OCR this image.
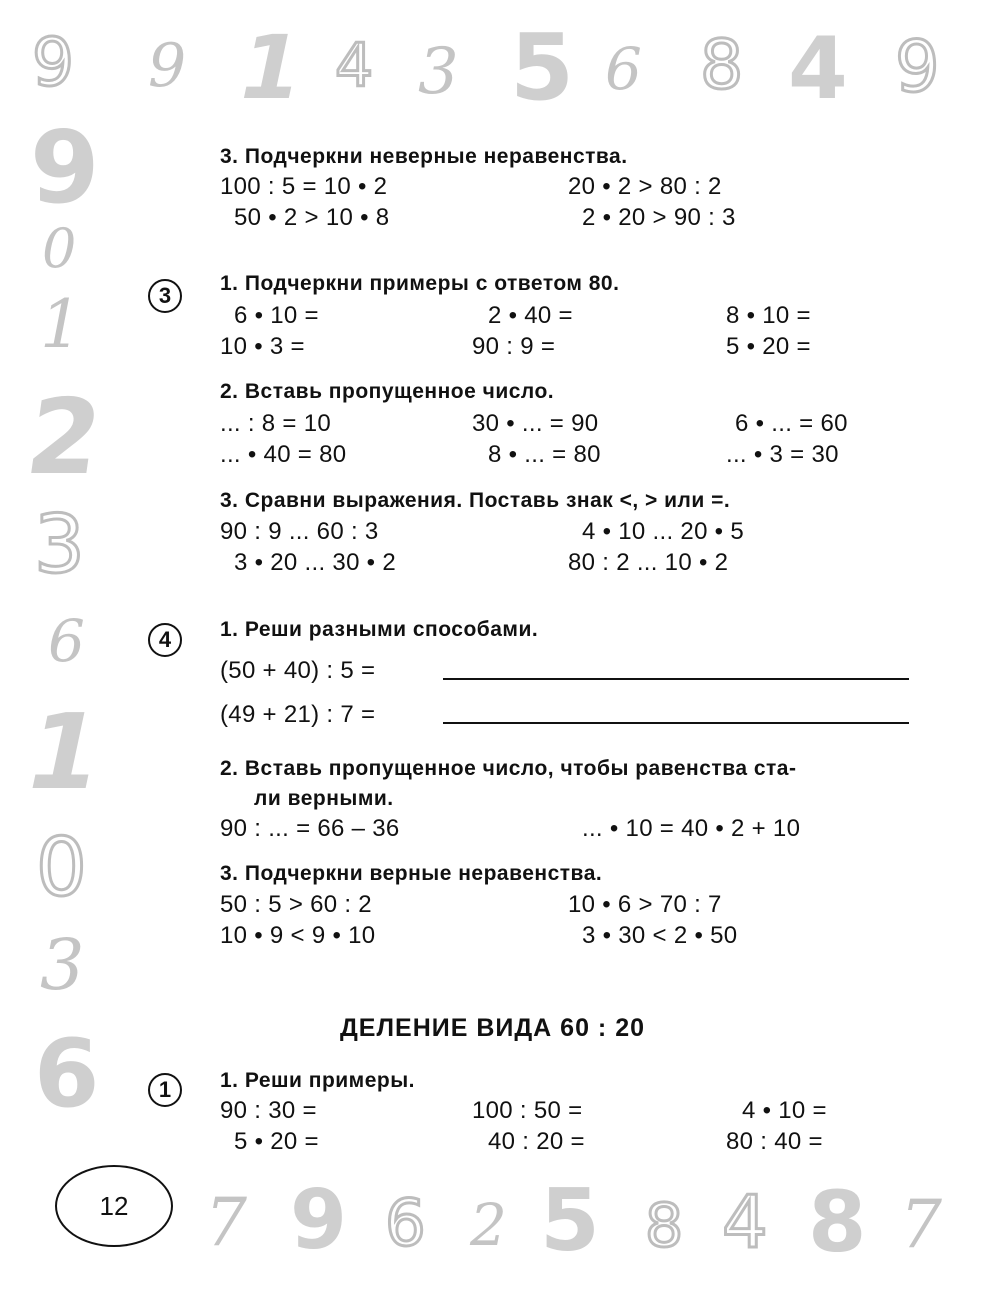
9 9 1 4 3 5 6 8 4 9
9
0
1
2
3
6
1
0
3
6
7 9 6 2 5 8 4 8 7
3. Подчеркни неверные неравенства.
100 : 5 = 10 • 2	20 • 2 > 80 : 2
50 • 2 > 10 • 8	2 • 20 > 90 : 3
3	1. Подчеркни примеры с ответом 80.
6 • 10 =	2 • 40 =	8 • 10 =
10 • 3 =	90 : 9 =	5 • 20 =
2. Вставь пропущенное число.
... : 8 = 10	30 • ... = 90	6 • ... = 60
... • 40 = 80	8 • ... = 80	... • 3 = 30
3. Сравни выражения. Поставь знак <, > или =.
90 : 9 ... 60 : 3	4 • 10 ... 20 • 5
3 • 20 ... 30 • 2	80 : 2 ... 10 • 2
4	1. Реши разными способами.
(50 + 40) : 5 =
(49 + 21) : 7 =
2. Вставь пропущенное число, чтобы равенства ста-
ли верными.
90 : ... = 66 – 36	... • 10 = 40 • 2 + 10
3. Подчеркни верные неравенства.
50 : 5 > 60 : 2	10 • 6 > 70 : 7
10 • 9 < 9 • 10	3 • 30 < 2 • 50
ДЕЛЕНИЕ ВИДА 60 : 20
1	1. Реши примеры.
90 : 30 =	100 : 50 =	4 • 10 =
5 • 20 =	40 : 20 =	80 : 40 =
12
